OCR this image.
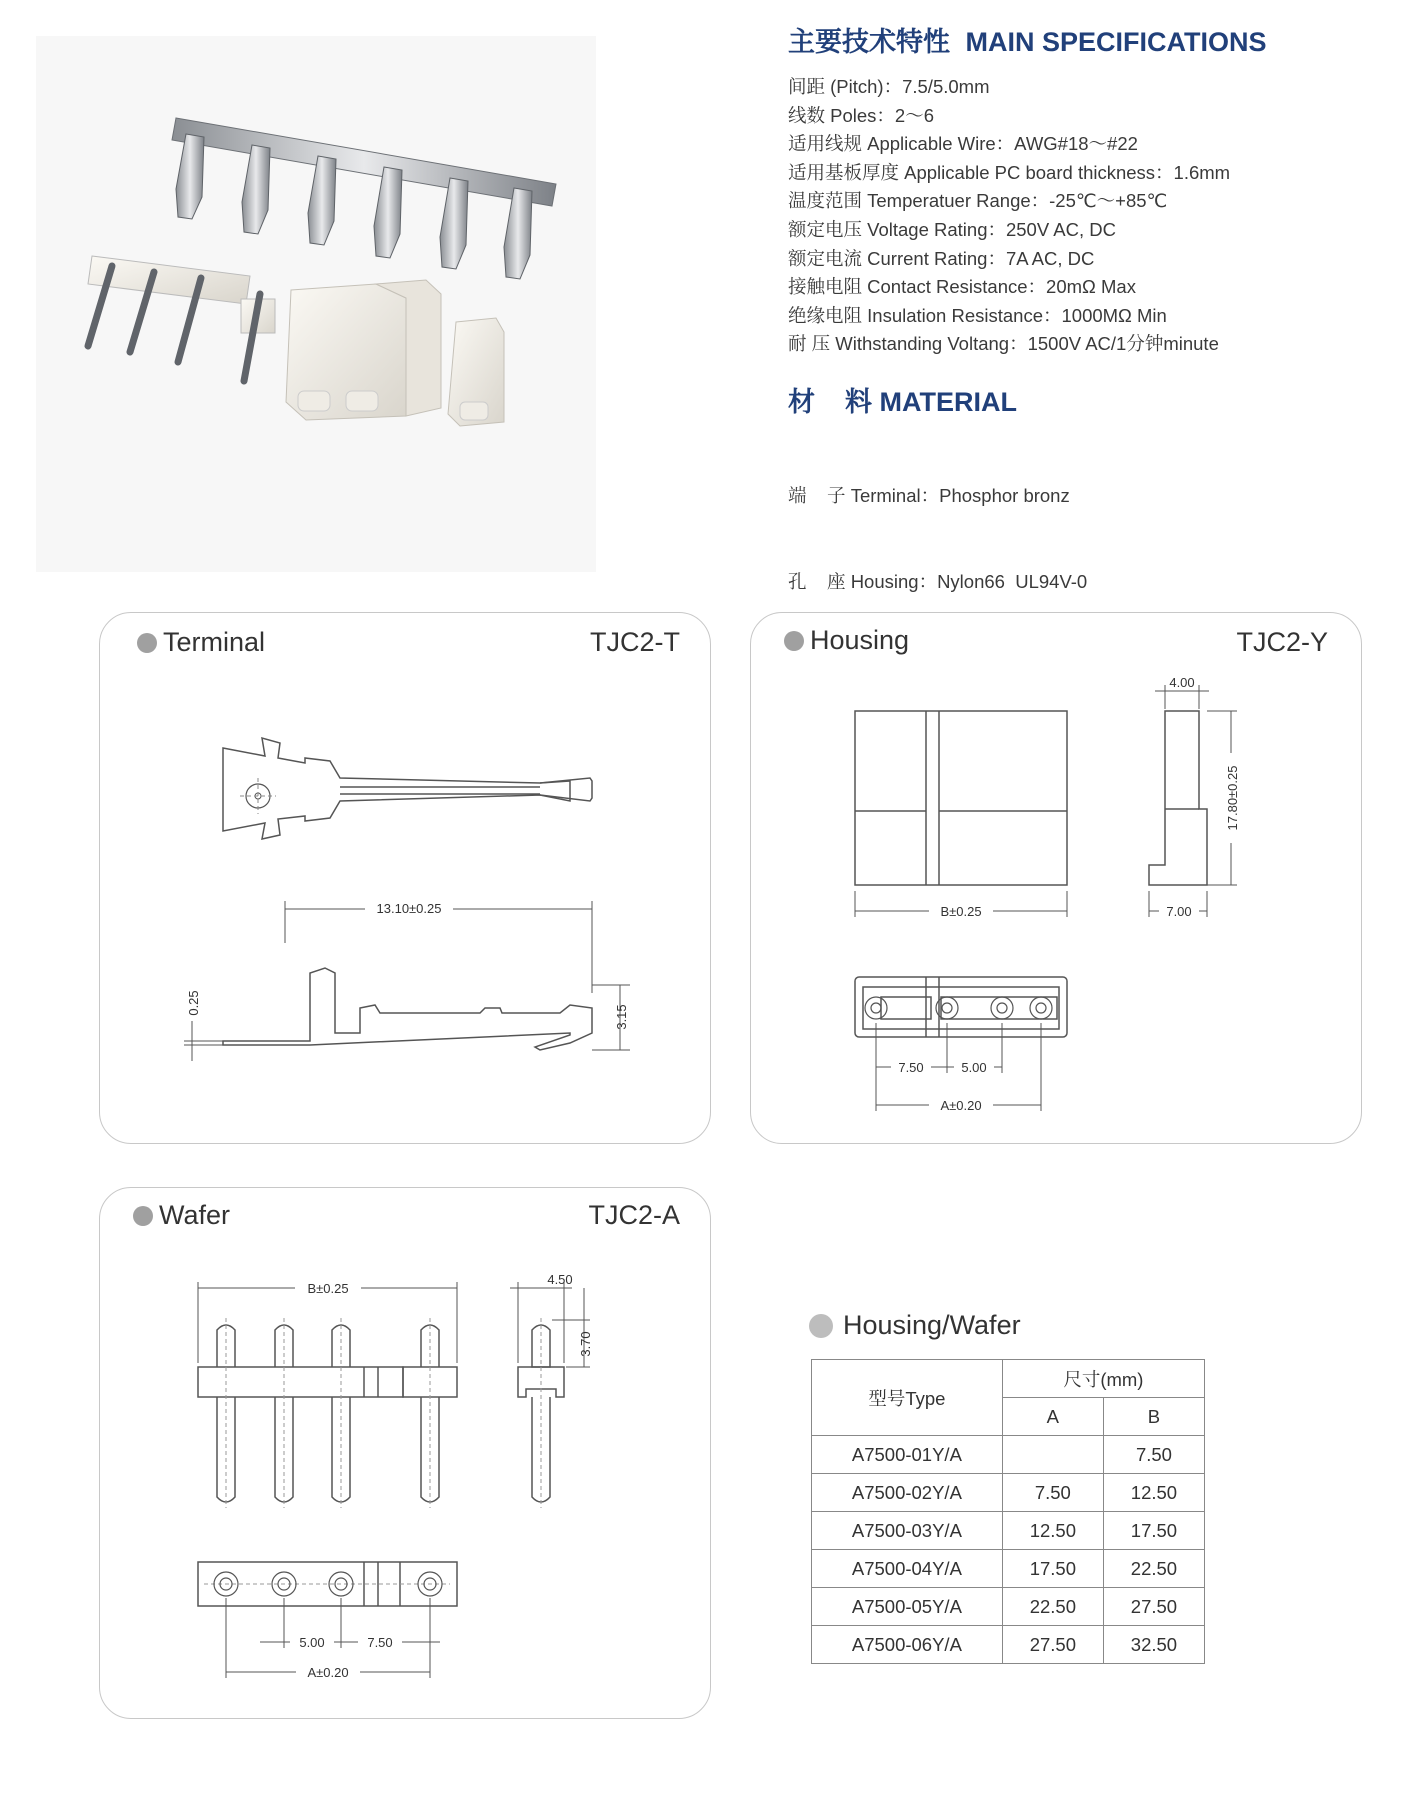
主要技术特性 MAIN SPECIFICATIONS
间距 (Pitch)：7.5/5.0mm
线数 Poles：2～6
适用线规 Applicable Wire：AWG#18～#22
适用基板厚度 Applicable PC board thickness：1.6mm
温度范围 Temperatuer Range：-25℃～+85℃
额定电压 Voltage Rating：250V AC, DC
额定电流 Current Rating：7A AC, DC
接触电阻 Contact Resistance：20mΩ Max
绝缘电阻 Insulation Resistance：1000MΩ Min
耐 压 Withstanding Voltang：1500V AC/1分钟minute
材    料 MATERIAL

端    子 Terminal：Phosphor bronz

孔    座 Housing：Nylon66  UL94V-0

Terminal	TJC2-T
13.10±0.25
0.25
3.15
Housing	TJC2-Y
B±0.25
4.00
17.80±0.25
7.00
7.50	5.00
A±0.20
Wafer	TJC2-A
B±0.25
4.50
3.70
5.00	7.50
A±0.20
Housing/Wafer
型号Type	尺寸(mm)	
	A	B
A7500-01Y/A		7.50
A7500-02Y/A	7.50	12.50
A7500-03Y/A	12.50	17.50
A7500-04Y/A	17.50	22.50
A7500-05Y/A	22.50	27.50
A7500-06Y/A	27.50	32.50
